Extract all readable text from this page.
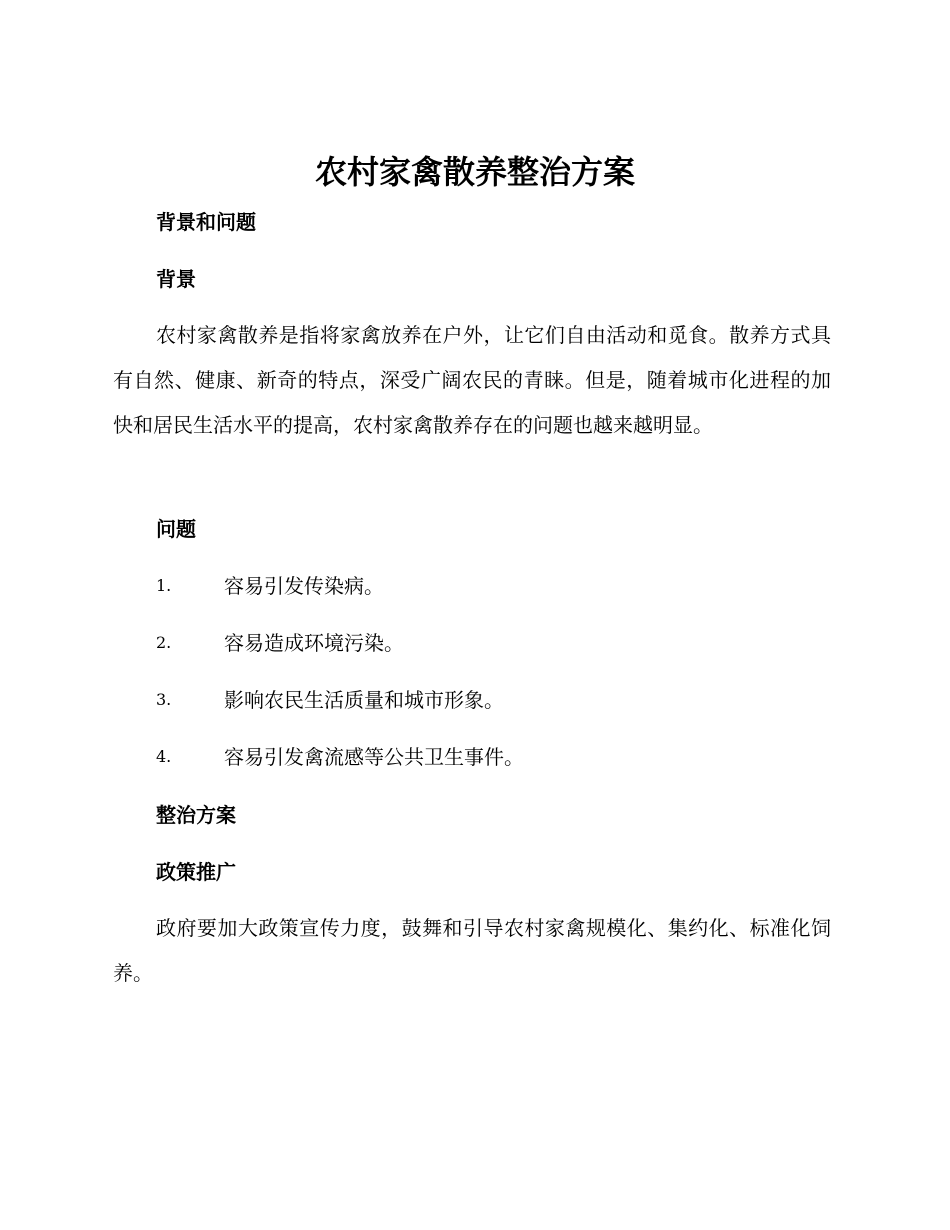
农村家禽散养整治方案
背景和问题
背景
农村家禽散养是指将家禽放养在户外，让它们自由活动和觅食。散养方式具有自然、健康、新奇的特点，深受广阔农民的青睐。但是，随着城市化进程的加快和居民生活水平的提高，农村家禽散养存在的问题也越来越明显。
问题
1.	容易引发传染病。
2.	容易造成环境污染。
3.	影响农民生活质量和城市形象。
4.	容易引发禽流感等公共卫生事件。
整治方案
政策推广
政府要加大政策宣传力度，鼓舞和引导农村家禽规模化、集约化、标准化饲养。
